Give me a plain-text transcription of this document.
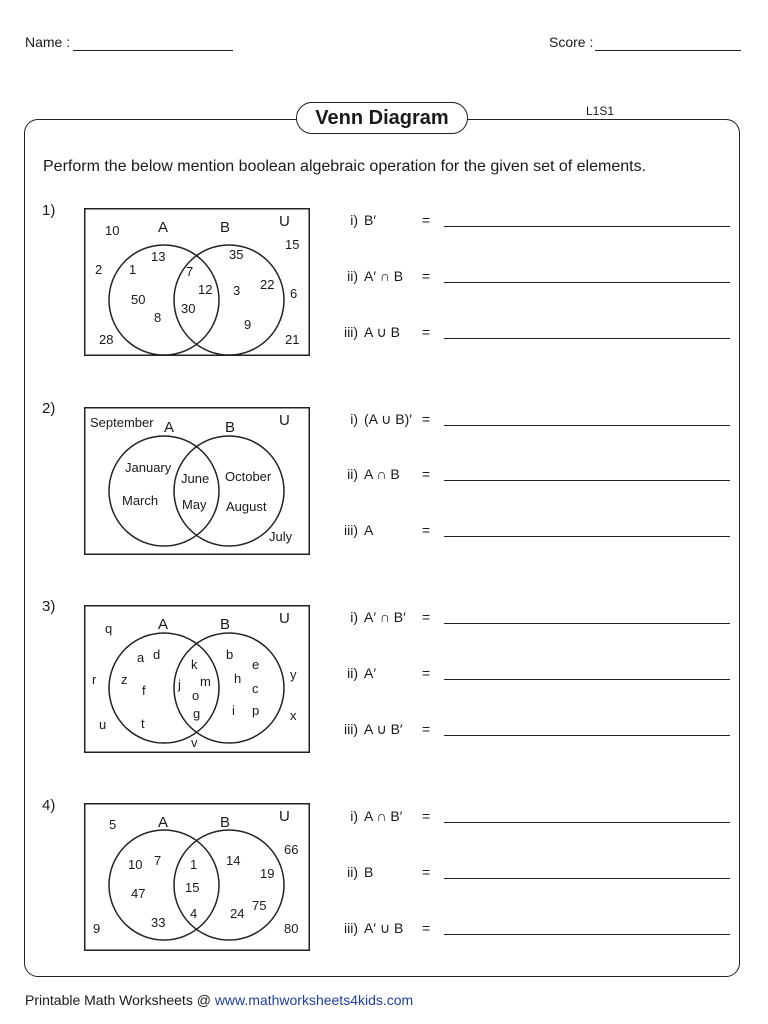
Name :	Score :
Venn Diagram	L1S1
Perform the below mention boolean algebraic operation for the given set of elements.
1)
A	B	U
13
1
50
8
7
12
30
35
22
3
9
10
2
28
15
6
21
i) B′	=
ii) A′ ∩ B =
iii) A ∪ B =
2)
A	B	U
January
March
June
May
October
August
September
July
i) (A ∪ B)′ =
ii) A ∩ B =
iii) A	=
3)
A	B	U
a d
z
f
t
k
j m
o
g
b
e
h
c
i p
q
r
u
y
x
v
i) A′ ∩ B′ =
ii) A′	=
iii) A ∪ B′ =
4)
A	B	U
10 7
47
33
1
15
4
14
19
75
24
5
9
66
80
i) A ∩ B′ =
ii) B	=
iii) A′ ∪ B =
Printable Math Worksheets @ www.mathworksheets4kids.com
